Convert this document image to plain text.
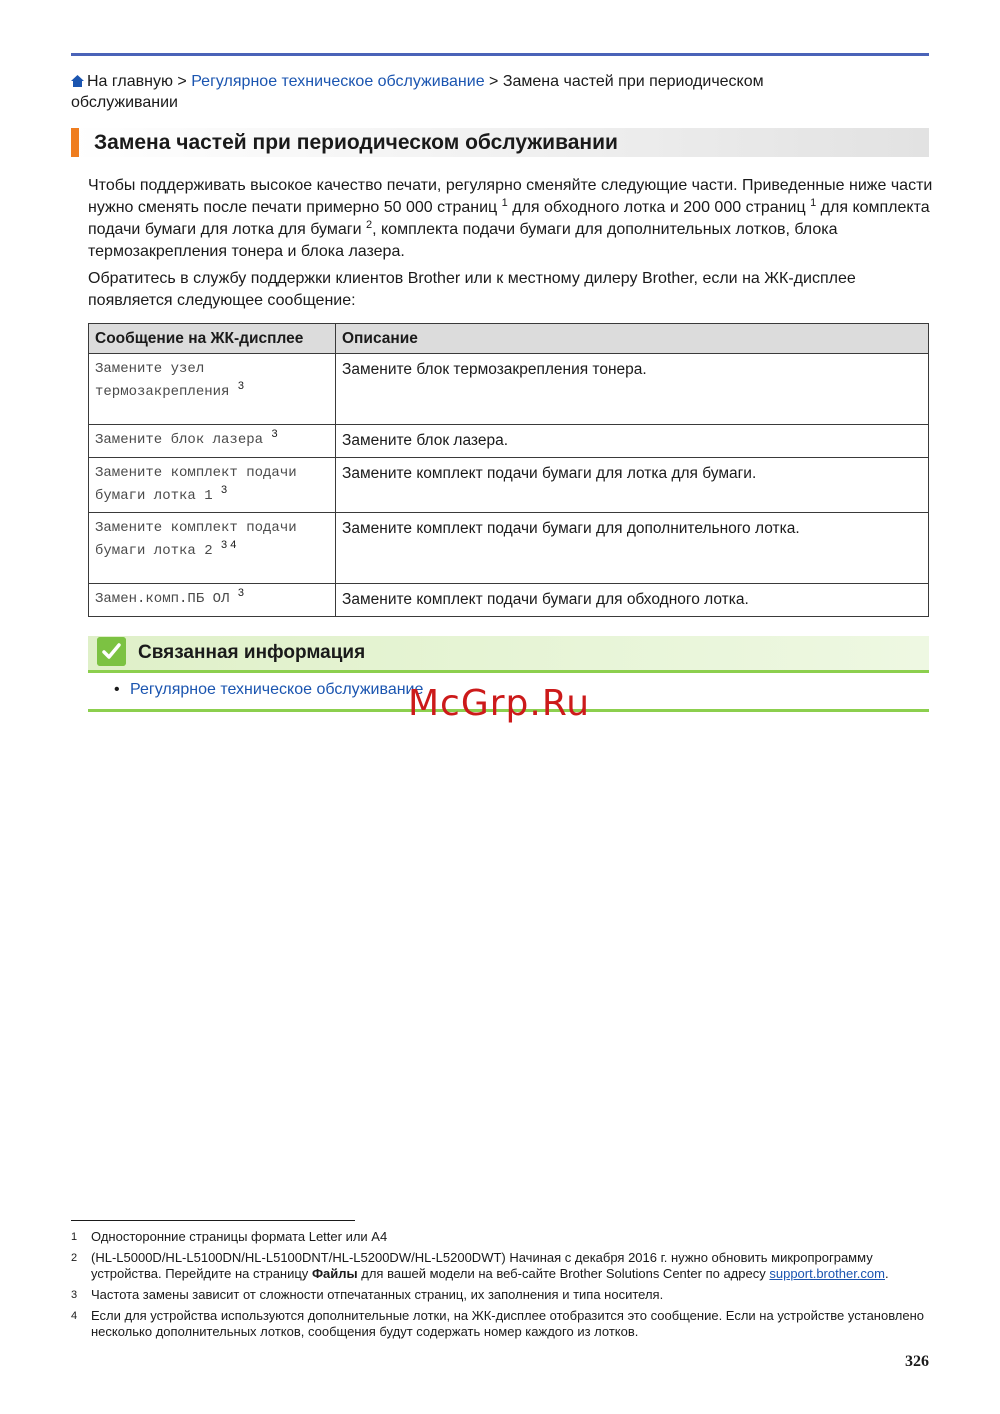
На главную > Регулярное техническое обслуживание > Замена частей при периодическом обслуживании
Замена частей при периодическом обслуживании
Чтобы поддерживать высокое качество печати, регулярно сменяйте следующие части. Приведенные ниже части нужно сменять после печати примерно 50 000 страниц $^1$ для обходного лотка и 200 000 страниц $^1$ для комплекта подачи бумаги для лотка для бумаги $^2$, комплекта подачи бумаги для дополнительных лотков, блока термозакрепления тонера и блока лазера.
Обратитесь в службу поддержки клиентов Brother или к местному дилеру Brother, если на ЖК-дисплее появляется следующее сообщение:
Сообщение на ЖК-дисплее	Описание
Замените узел
термозакрепления $^3$	Замените блок термозакрепления тонера.
Замените блок лазера $^3$	Замените блок лазера.
Замените комплект подачи
бумаги лотка 1 $^3$	Замените комплект подачи бумаги для лотка для бумаги.
Замените комплект подачи
бумаги лотка 2 $^{3 4}$	Замените комплект подачи бумаги для дополнительного лотка.
Замен.комп.ПБ ОЛ $^3$	Замените комплект подачи бумаги для обходного лотка.
Связанная информация
• Регулярное техническое обслуживание
McGrp.Ru
1 Односторонние страницы формата Letter или A4
2 (HL-L5000D/HL-L5100DN/HL-L5100DNT/HL-L5200DW/HL-L5200DWT) Начиная с декабря 2016 г. нужно обновить микропрограмму устройства. Перейдите на страницу Файлы для вашей модели на веб-сайте Brother Solutions Center по адресу support.brother.com.
3 Частота замены зависит от сложности отпечатанных страниц, их заполнения и типа носителя.
4 Если для устройства используются дополнительные лотки, на ЖК-дисплее отобразится это сообщение. Если на устройстве установлено несколько дополнительных лотков, сообщения будут содержать номер каждого из лотков.
326
